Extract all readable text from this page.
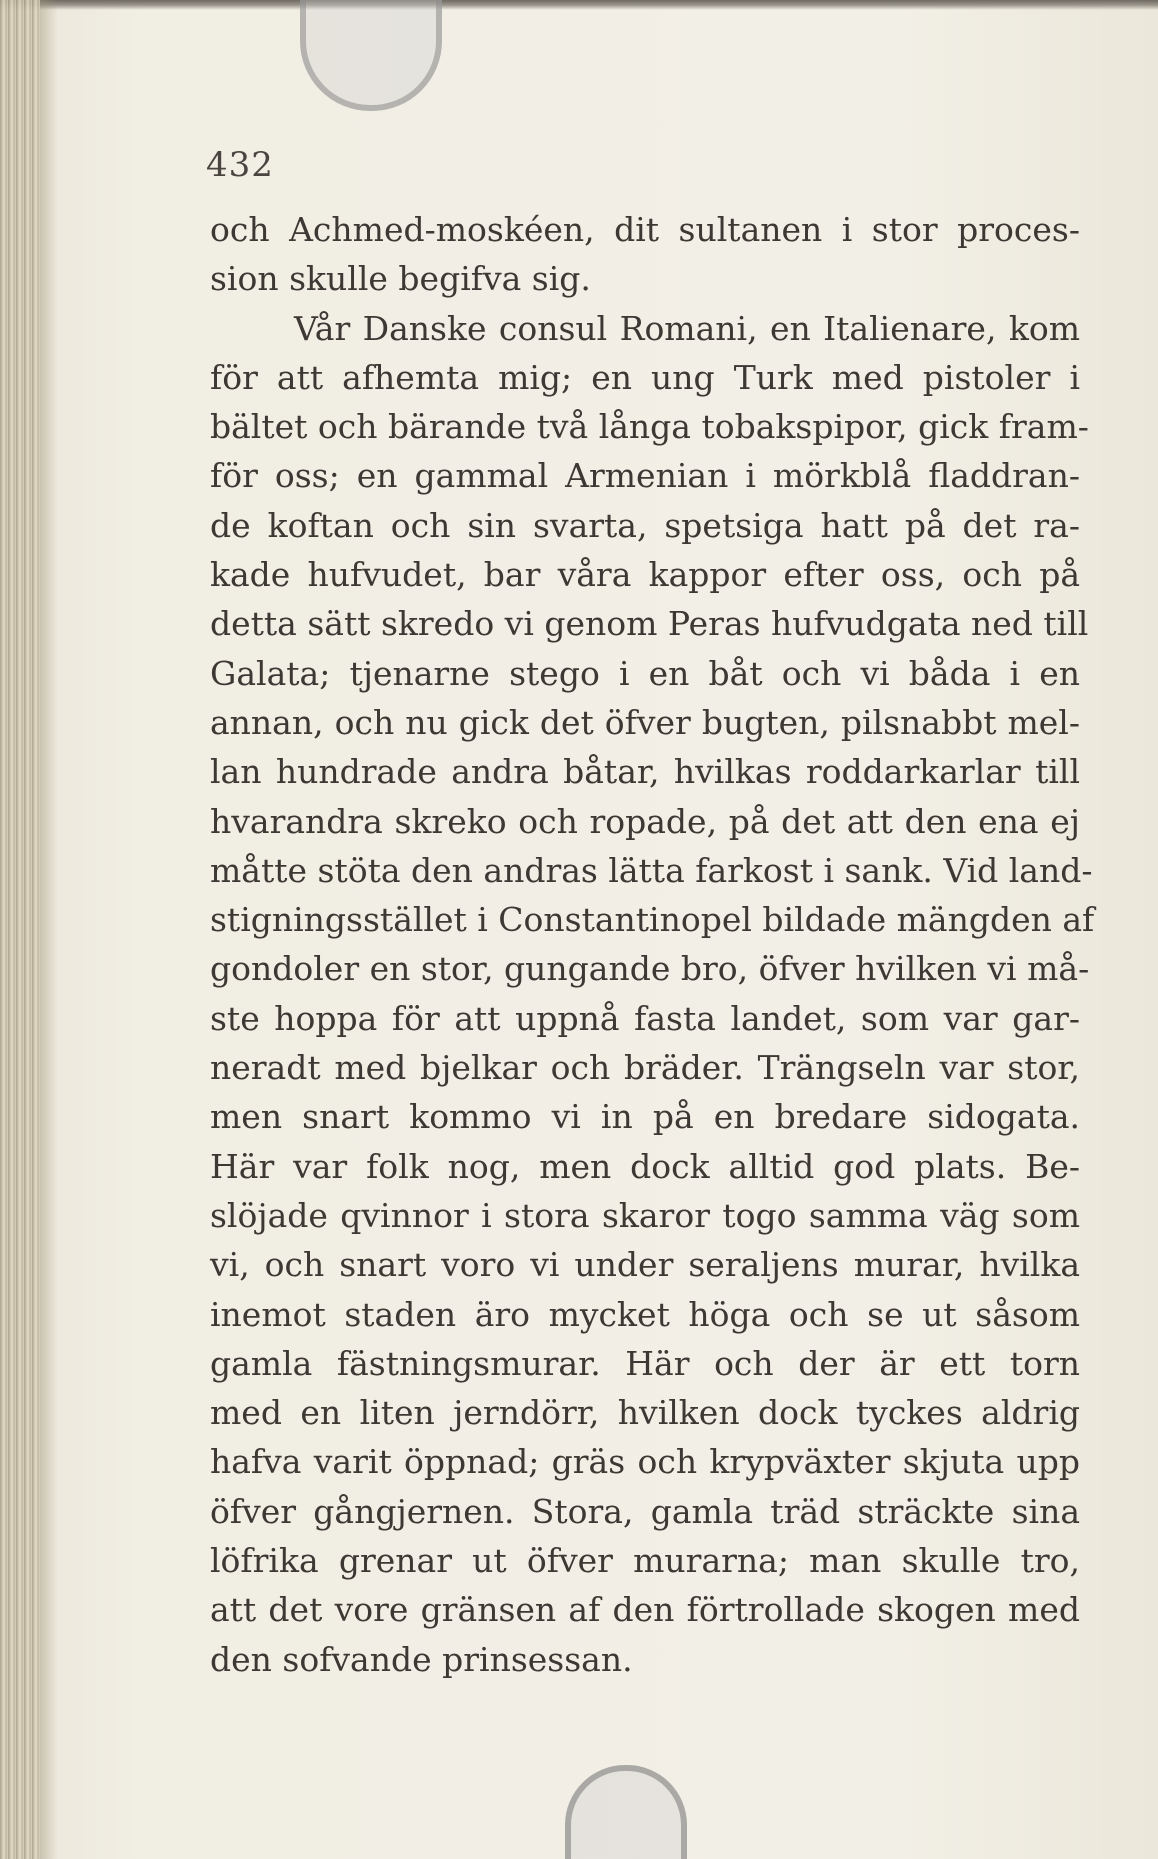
432
och Achmed-moskéen, dit sultanen i stor proces-
sion skulle begifva sig.
Vår Danske consul Romani, en Italienare, kom
för att afhemta mig; en ung Turk med pistoler i
bältet och bärande två långa tobakspipor, gick fram-
för oss; en gammal Armenian i mörkblå fladdran-
de koftan och sin svarta, spetsiga hatt på det ra-
kade hufvudet, bar våra kappor efter oss, och på
detta sätt skredo vi genom Peras hufvudgata ned till
Galata; tjenarne stego i en båt och vi båda i en
annan, och nu gick det öfver bugten, pilsnabbt mel-
lan hundrade andra båtar, hvilkas roddarkarlar till
hvarandra skreko och ropade, på det att den ena ej
måtte stöta den andras lätta farkost i sank. Vid land-
stigningsstället i Constantinopel bildade mängden af
gondoler en stor, gungande bro, öfver hvilken vi må-
ste hoppa för att uppnå fasta landet, som var gar-
neradt med bjelkar och bräder. Trängseln var stor,
men snart kommo vi in på en bredare sidogata.
Här var folk nog, men dock alltid god plats. Be-
slöjade qvinnor i stora skaror togo samma väg som
vi, och snart voro vi under seraljens murar, hvilka
inemot staden äro mycket höga och se ut såsom
gamla fästningsmurar. Här och der är ett torn
med en liten jerndörr, hvilken dock tyckes aldrig
hafva varit öppnad; gräs och krypväxter skjuta upp
öfver gångjernen. Stora, gamla träd sträckte sina
löfrika grenar ut öfver murarna; man skulle tro,
att det vore gränsen af den förtrollade skogen med
den sofvande prinsessan.
